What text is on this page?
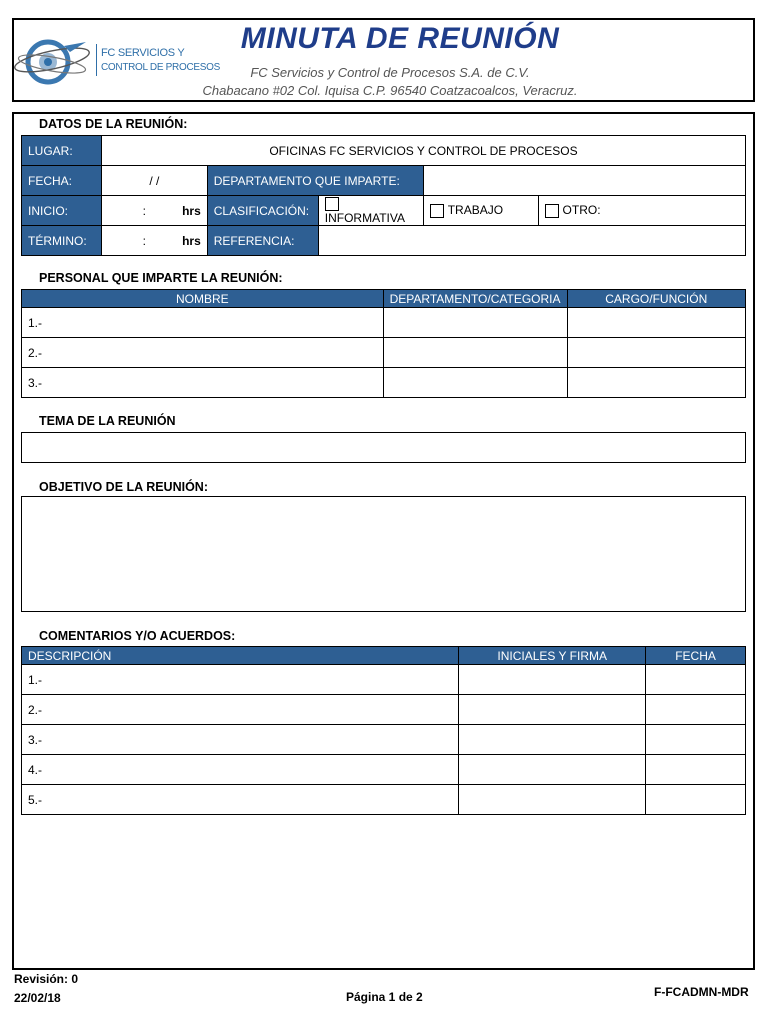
FC SERVICIOS Y
CONTROL DE PROCESOS
MINUTA DE REUNIÓN
FC Servicios y Control de Procesos S.A. de C.V.
Chabacano #02 Col. Iquisa C.P. 96540 Coatzacoalcos, Veracruz.
DATOS DE LA REUNIÓN:
LUGAR:	OFICINAS FC SERVICIOS Y CONTROL DE PROCESOS				
FECHA:	/ /	DEPARTAMENTO QUE IMPARTE:			
INICIO:	: hrs	CLASIFICACIÓN:	INFORMATIVA	TRABAJO	OTRO:
TÉRMINO:	: hrs	REFERENCIA:			
PERSONAL QUE IMPARTE LA REUNIÓN:
NOMBRE	DEPARTAMENTO/CATEGORIA	CARGO/FUNCIÓN
1.-		
2.-		
3.-		
TEMA DE LA REUNIÓN
OBJETIVO DE LA REUNIÓN:
COMENTARIOS Y/O ACUERDOS:
DESCRIPCIÓN	INICIALES Y FIRMA	FECHA
1.-		
2.-		
3.-		
4.-		
5.-		
Revisión: 0
22/02/18	Página 1 de 2	F-FCADMN-MDR
